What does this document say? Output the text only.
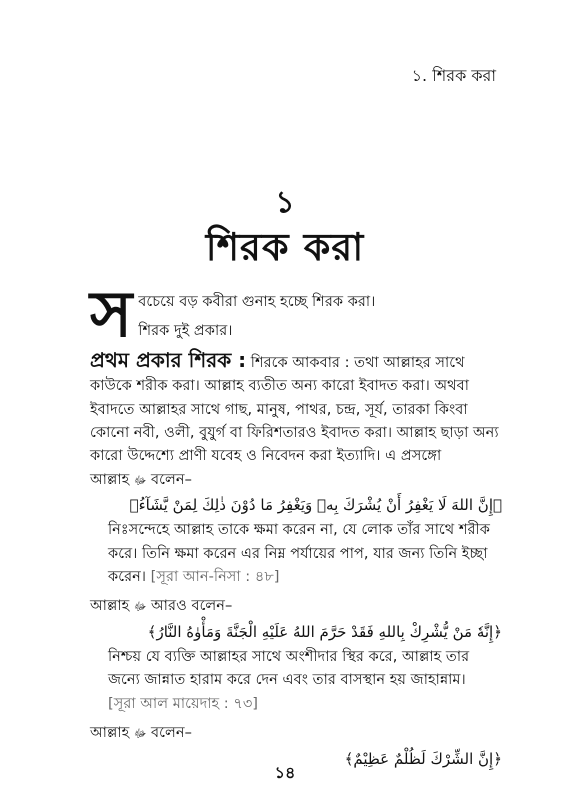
১. শিরক করা
১
শিরক করা
স বচেয়ে বড় কবীরা গুনাহ হচ্ছে শিরক করা।

শিরক দুই প্রকার।

প্রথম প্রকার শিরক : শিরকে আকবার : তথা আল্লাহর সাথে কাউকে শরীক করা। আল্লাহ ব্যতীত অন্য কারো ইবাদত করা। অথবা ইবাদতে আল্লাহর সাথে গাছ, মানুষ, পাথর, চন্দ্র, সূর্য, তারকা কিংবা কোনো নবী, ওলী, বুযুর্গ বা ফিরিশতারও ইবাদত করা। আল্লাহ ছাড়া অন্য কারো উদ্দেশ্যে প্রাণী যবেহ ও নিবেদন করা ইত্যাদি। এ প্রসঙ্গো

আল্লাহ ﷻ বলেন–

﴿إِنَّ اللهَ لَا يَغْفِرُ أَنْ يُشْرَكَ بِهٖ وَيَغْفِرُ مَا دُوْنَ ذٰلِكَ لِمَنْ يَّشَآءُ﴾

নিঃসন্দেহে আল্লাহ তাকে ক্ষমা করেন না, যে লোক তাঁর সাথে শরীক করে। তিনি ক্ষমা করেন এর নিম্ন পর্যায়ের পাপ, যার জন্য তিনি ইচ্ছা করেন। [সূরা আন-নিসা : ৪৮]

আল্লাহ ﷻ আরও বলেন–

﴿إِنَّهٗ مَنْ يُّشْرِكْ بِاللهِ فَقَدْ حَرَّمَ اللهُ عَلَيْهِ الْجَنَّةَ وَمَأْوٰهُ النَّارُ﴾

নিশ্চয় যে ব্যক্তি আল্লাহর সাথে অংশীদার স্থির করে, আল্লাহ তার জন্যে জান্নাত হারাম করে দেন এবং তার বাসস্থান হয় জাহান্নাম।
[সূরা আল মায়েদাহ : ৭৩]

আল্লাহ ﷻ বলেন–

﴿إِنَّ الشِّرْكَ لَظُلْمٌ عَظِيْمٌ﴾

১৪
